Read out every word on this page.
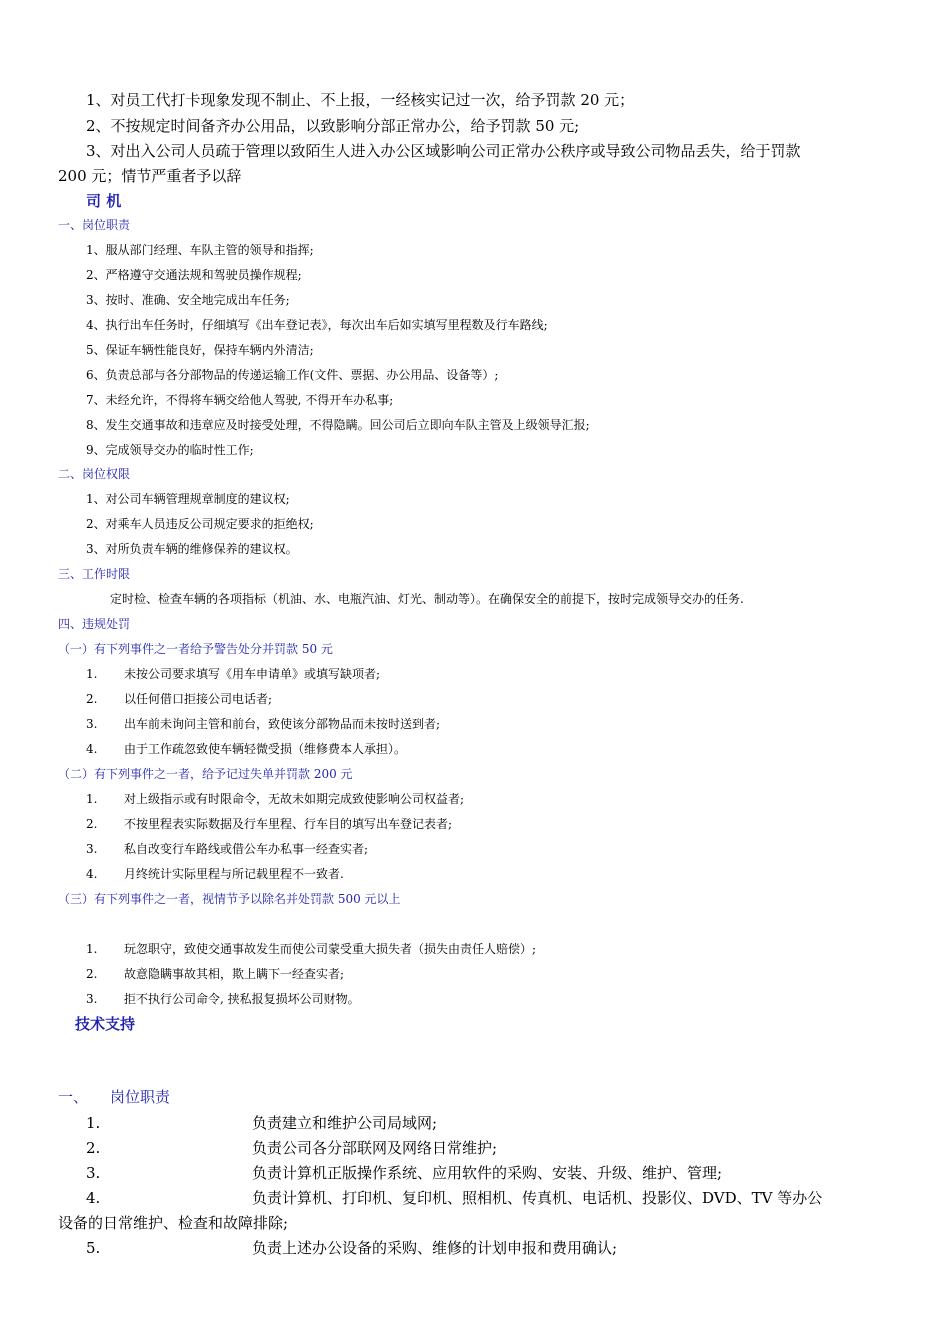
1、对员工代打卡现象发现不制止、不上报，一经核实记过一次，给予罚款 20 元；
2、不按规定时间备齐办公用品，以致影响分部正常办公，给予罚款 50 元;
3、对出入公司人员疏于管理以致陌生人进入办公区域影响公司正常办公秩序或导致公司物品丢失，给于罚款
200 元；情节严重者予以辞
司 机
一、岗位职责
1、服从部门经理、车队主管的领导和指挥;
2、严格遵守交通法规和驾驶员操作规程;
3、按时、准确、安全地完成出车任务;
4、执行出车任务时，仔细填写《出车登记表》，每次出车后如实填写里程数及行车路线;
5、保证车辆性能良好，保持车辆内外清洁;
6、负责总部与各分部物品的传递运输工作(文件、票据、办公用品、设备等）;
7、未经允许，不得将车辆交给他人驾驶, 不得开车办私事;
8、发生交通事故和违章应及时接受处理，不得隐瞒。回公司后立即向车队主管及上级领导汇报;
9、完成领导交办的临时性工作;
二、岗位权限
1、对公司车辆管理规章制度的建议权;
2、对乘车人员违反公司规定要求的拒绝权;
3、对所负责车辆的维修保养的建议权。
三、工作时限
定时检、检查车辆的各项指标（机油、水、电瓶汽油、灯光、制动等）。在确保安全的前提下，按时完成领导交办的任务.
四、违规处罚
（一）有下列事件之一者给予警告处分并罚款 50 元
1. 未按公司要求填写《用车申请单》或填写缺项者;
2. 以任何借口拒接公司电话者;
3. 出车前未询问主管和前台，致使该分部物品而未按时送到者;
4. 由于工作疏忽致使车辆轻微受损（维修费本人承担）。
（二）有下列事件之一者，给予记过失单并罚款 200 元
1. 对上级指示或有时限命令，无故未如期完成致使影响公司权益者;
2. 不按里程表实际数据及行车里程、行车目的填写出车登记表者;
3. 私自改变行车路线或借公车办私事一经查实者;
4. 月终统计实际里程与所记载里程不一致者.
（三）有下列事件之一者，视情节予以除名并处罚款 500 元以上
1. 玩忽职守，致使交通事故发生而使公司蒙受重大损失者（损失由责任人赔偿）;
2. 故意隐瞒事故其相，欺上瞒下一经查实者;
3. 拒不执行公司命令, 挟私报复损坏公司财物。
技术支持
一、 岗位职责
1.	负责建立和维护公司局域网;
2.	负责公司各分部联网及网络日常维护;
3.	负责计算机正版操作系统、应用软件的采购、安装、升级、维护、管理;
4.	负责计算机、打印机、复印机、照相机、传真机、电话机、投影仪、DVD、TV 等办公
设备的日常维护、检查和故障排除;
5.	负责上述办公设备的采购、维修的计划申报和费用确认;
